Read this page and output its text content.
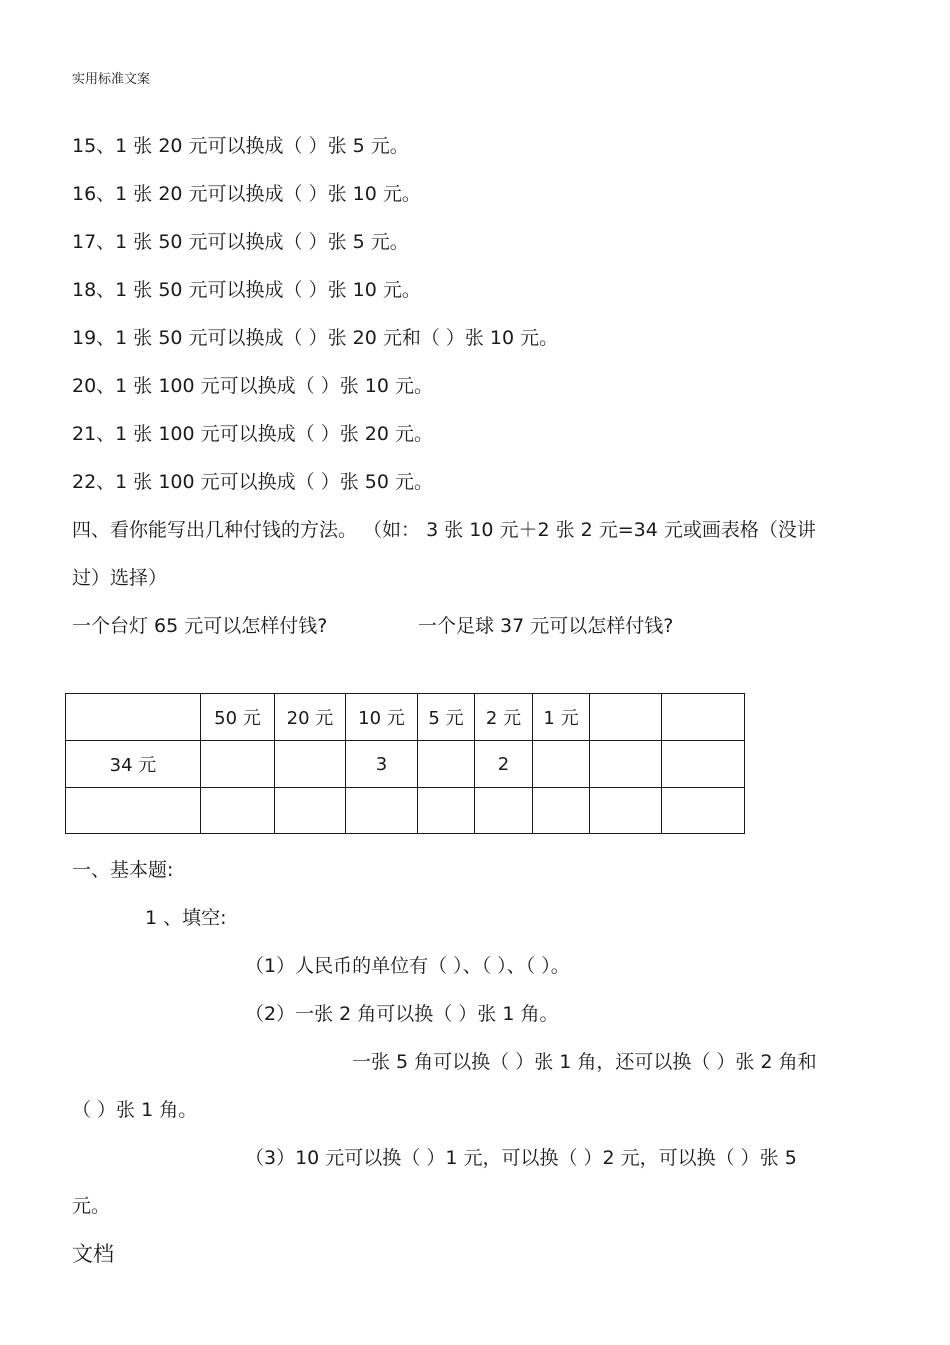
实用标准文案
15、1 张 20 元可以换成（ ）张 5 元。
16、1 张 20 元可以换成（ ）张 10 元。
17、1 张 50 元可以换成（ ）张 5 元。
18、1 张 50 元可以换成（ ）张 10 元。
19、1 张 50 元可以换成（ ）张 20 元和（ ）张 10 元。
20、1 张 100 元可以换成（ ）张 10 元。
21、1 张 100 元可以换成（ ）张 20 元。
22、1 张 100 元可以换成（ ）张 50 元。
四、看你能写出几种付钱的方法。 （如： 3 张 10 元＋2 张 2 元=34 元或画表格（没讲
过）选择）
一个台灯 65 元可以怎样付钱?	一个足球 37 元可以怎样付钱?
	50 元	20 元	10 元	5 元	2 元	1 元		
34 元			3		2			

一、基本题:
1 、填空:
（1）人民币的单位有（ ）、（ ）、（ ）。
（2）一张 2 角可以换（ ）张 1 角。
一张 5 角可以换（ ）张 1 角，还可以换（ ）张 2 角和
（ ）张 1 角。
（3）10 元可以换（ ）1 元，可以换（ ）2 元，可以换（ ）张 5
元。
文档
